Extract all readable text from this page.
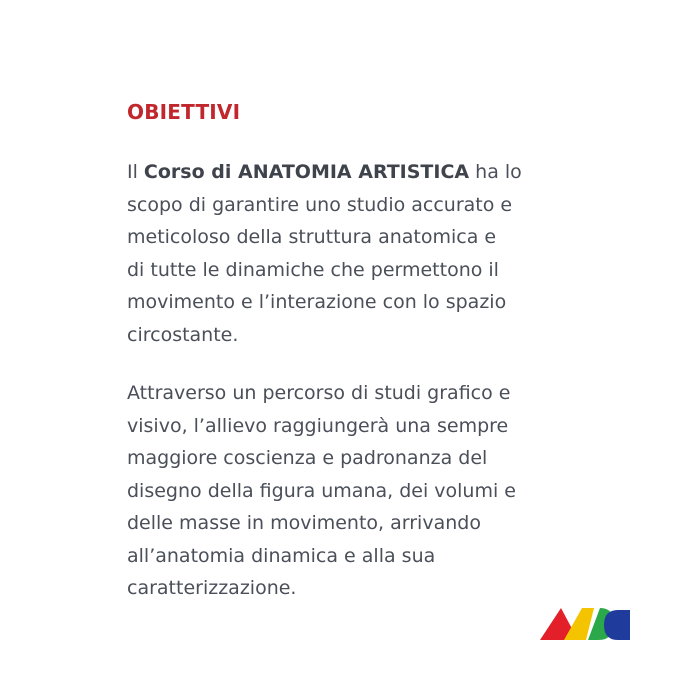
OBIETTIVI

Il Corso di ANATOMIA ARTISTICA ha lo
scopo di garantire uno studio accurato e
meticoloso della struttura anatomica e
di tutte le dinamiche che permettono il
movimento e l’interazione con lo spazio
circostante.

Attraverso un percorso di studi grafico e
visivo, l’allievo raggiungerà una sempre
maggiore coscienza e padronanza del
disegno della figura umana, dei volumi e
delle masse in movimento, arrivando
all’anatomia dinamica e alla sua
caratterizzazione.
